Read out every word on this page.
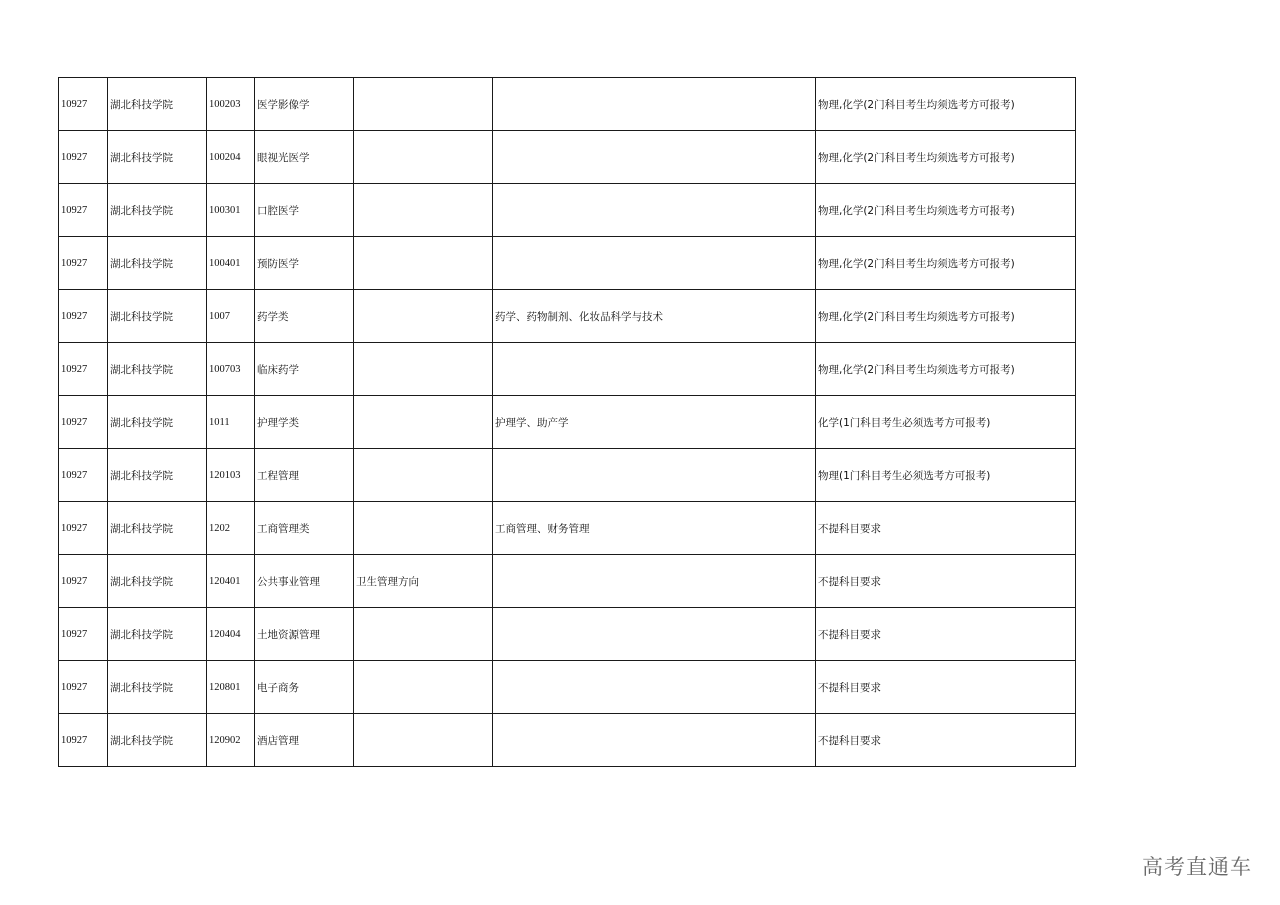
10927	湖北科技学院	100203	医学影像学			物理,化学(2门科目考生均须选考方可报考)
10927	湖北科技学院	100204	眼视光医学			物理,化学(2门科目考生均须选考方可报考)
10927	湖北科技学院	100301	口腔医学			物理,化学(2门科目考生均须选考方可报考)
10927	湖北科技学院	100401	预防医学			物理,化学(2门科目考生均须选考方可报考)
10927	湖北科技学院	1007	药学类		药学、药物制剂、化妆品科学与技术	物理,化学(2门科目考生均须选考方可报考)
10927	湖北科技学院	100703	临床药学			物理,化学(2门科目考生均须选考方可报考)
10927	湖北科技学院	1011	护理学类		护理学、助产学	化学(1门科目考生必须选考方可报考)
10927	湖北科技学院	120103	工程管理			物理(1门科目考生必须选考方可报考)
10927	湖北科技学院	1202	工商管理类		工商管理、财务管理	不提科目要求
10927	湖北科技学院	120401	公共事业管理	卫生管理方向		不提科目要求
10927	湖北科技学院	120404	土地资源管理			不提科目要求
10927	湖北科技学院	120801	电子商务			不提科目要求
10927	湖北科技学院	120902	酒店管理			不提科目要求
高考直通车
